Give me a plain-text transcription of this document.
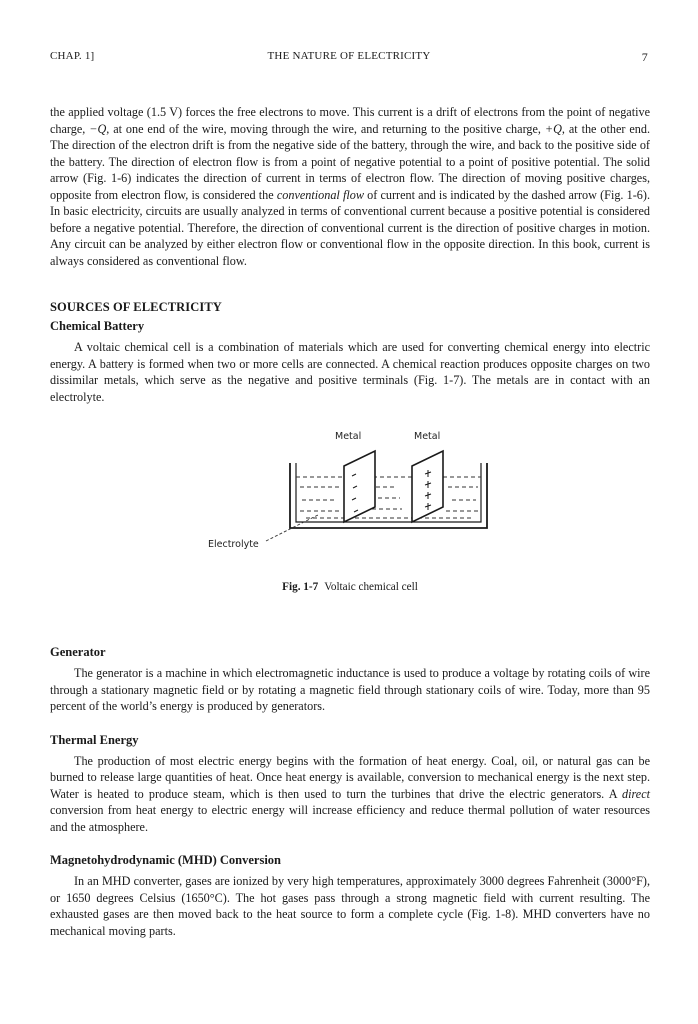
CHAP. 1]	THE NATURE OF ELECTRICITY	7

the applied voltage (1.5 V) forces the free electrons to move. This current is a drift of electrons from the point of negative charge, −Q, at one end of the wire, moving through the wire, and returning to the positive charge, +Q, at the other end. The direction of the electron drift is from the negative side of the battery, through the wire, and back to the positive side of the battery. The direction of electron flow is from a point of negative potential to a point of positive potential. The solid arrow (Fig. 1-6) indicates the direction of current in terms of electron flow. The direction of moving positive charges, opposite from electron flow, is considered the conventional flow of current and is indicated by the dashed arrow (Fig. 1-6). In basic electricity, circuits are usually analyzed in terms of conventional current because a positive potential is considered before a negative potential. Therefore, the direction of conventional current is the direction of positive charges in motion. Any circuit can be analyzed by either electron flow or conventional flow in the opposite direction. In this book, current is always considered as conventional flow.

SOURCES OF ELECTRICITY
Chemical Battery

A voltaic chemical cell is a combination of materials which are used for converting chemical energy into electric energy. A battery is formed when two or more cells are connected. A chemical reaction produces opposite charges on two dissimilar metals, which serve as the negative and positive terminals (Fig. 1-7). The metals are in contact with an electrolyte.

Metal	Metal
Electrolyte
Fig. 1-7 Voltaic chemical cell
Generator

The generator is a machine in which electromagnetic inductance is used to produce a voltage by rotating coils of wire through a stationary magnetic field or by rotating a magnetic field through stationary coils of wire. Today, more than 95 percent of the world’s energy is produced by generators.

Thermal Energy

The production of most electric energy begins with the formation of heat energy. Coal, oil, or natural gas can be burned to release large quantities of heat. Once heat energy is available, conversion to mechanical energy is the next step. Water is heated to produce steam, which is then used to turn the turbines that drive the electric generators. A direct conversion from heat energy to electric energy will increase efficiency and reduce thermal pollution of water resources and the atmosphere.

Magnetohydrodynamic (MHD) Conversion

In an MHD converter, gases are ionized by very high temperatures, approximately 3000 degrees Fahrenheit (3000°F), or 1650 degrees Celsius (1650°C). The hot gases pass through a strong magnetic field with current resulting. The exhausted gases are then moved back to the heat source to form a complete cycle (Fig. 1-8). MHD converters have no mechanical moving parts.
